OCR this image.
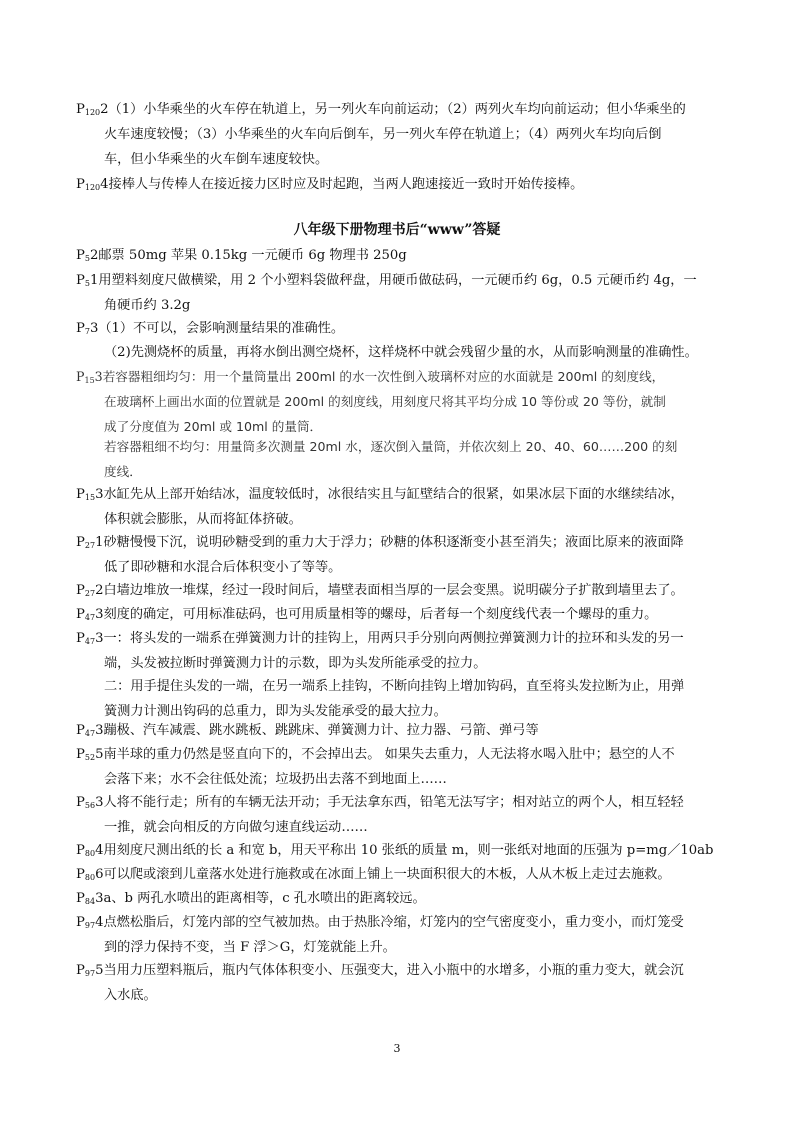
$P_{120}2(1)$小华乘坐的火车停在轨道上，另一列火车向前运动；（2）两列火车均向前运动；但小华乘坐的
火车速度较慢；（3）小华乘坐的火车向后倒车，另一列火车停在轨道上；（4）两列火车均向后倒
车，但小华乘坐的火车倒车速度较快。
$P_{120}4$接棒人与传棒人在接近接力区时应及时起跑，当两人跑速接近一致时开始传接棒。
八年级下册物理书后“www”答疑
$P_52$邮票 50mg 苹果 0.15kg 一元硬币 6g 物理书 250g
$P_51$用塑料刻度尺做横梁，用 2 个小塑料袋做秤盘，用硬币做砝码，一元硬币约 6g，0.5 元硬币约 4g，一
角硬币约 3.2g
$P_73(1)$不可以，会影响测量结果的准确性。
（2)先测烧杯的质量，再将水倒出测空烧杯，这样烧杯中就会残留少量的水，从而影响测量的准确性。
$P_{15}3$若容器粗细均匀：用一个量筒量出 200ml 的水一次性倒入玻璃杯对应的水面就是 200ml 的刻度线，
在玻璃杯上画出水面的位置就是 200ml 的刻度线，用刻度尺将其平均分成 10 等份或 20 等份，就制
成了分度值为 20ml 或 10ml 的量筒．
若容器粗细不均匀：用量筒多次测量 20ml 水，逐次倒入量筒，并依次刻上 20、40、60……200 的刻
度线．
$P_{15}3$水缸先从上部开始结冰，温度较低时，冰很结实且与缸壁结合的很紧，如果冰层下面的水继续结冰，
体积就会膨胀，从而将缸体挤破。
$P_{27}1$砂糖慢慢下沉，说明砂糖受到的重力大于浮力；砂糖的体积逐渐变小甚至消失；液面比原来的液面降
低了即砂糖和水混合后体积变小了等等。
$P_{27}2$白墙边堆放一堆煤，经过一段时间后，墙壁表面相当厚的一层会变黑。说明碳分子扩散到墙里去了。
$P_{47}3$刻度的确定，可用标准砝码，也可用质量相等的螺母，后者每一个刻度线代表一个螺母的重力。
$P_{47}3$一：将头发的一端系在弹簧测力计的挂钩上，用两只手分别向两侧拉弹簧测力计的拉环和头发的另一
端，头发被拉断时弹簧测力计的示数，即为头发所能承受的拉力。
二：用手提住头发的一端，在另一端系上挂钩，不断向挂钩上增加钩码，直至将头发拉断为止，用弹
簧测力计测出钩码的总重力，即为头发能承受的最大拉力。
$P_{47}3$蹦极、汽车减震、跳水跳板、跳跳床、弹簧测力计、拉力器、弓箭、弹弓等
$P_{52}5$南半球的重力仍然是竖直向下的，不会掉出去。 如果失去重力，人无法将水喝入肚中；悬空的人不
会落下来；水不会往低处流；垃圾扔出去落不到地面上……
$P_{56}3$人将不能行走；所有的车辆无法开动；手无法拿东西，铅笔无法写字；相对站立的两个人，相互轻轻
一推，就会向相反的方向做匀速直线运动……
$P_{80}4$用刻度尺测出纸的长 a 和宽 b，用天平称出 10 张纸的质量 m，则一张纸对地面的压强为 p=mg／10ab
$P_{80}6$可以爬或滚到儿童落水处进行施救或在冰面上铺上一块面积很大的木板，人从木板上走过去施救。
$P_{84}3a$、b 两孔水喷出的距离相等，c 孔水喷出的距离较远。
$P_{97}4$点燃松脂后，灯笼内部的空气被加热。由于热胀冷缩，灯笼内的空气密度变小，重力变小，而灯笼受
到的浮力保持不变，当 F 浮＞G，灯笼就能上升。
$P_{97}5$当用力压塑料瓶后，瓶内气体体积变小、压强变大，进入小瓶中的水增多，小瓶的重力变大，就会沉
入水底。
3
